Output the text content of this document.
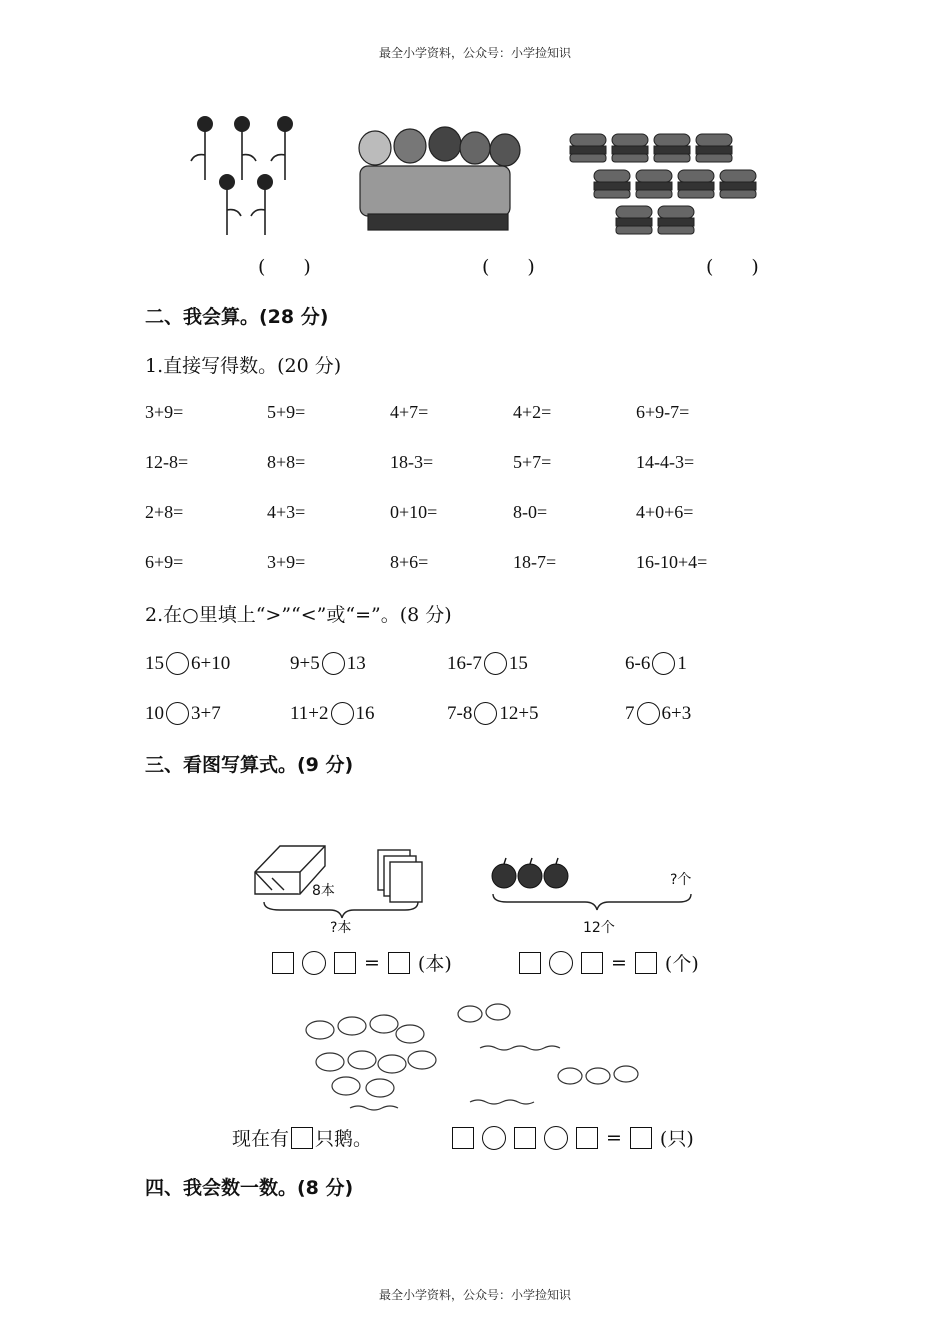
最全小学资料，公众号：小学捡知识
(　　)	(　　)	(　　)
二、我会算。(28 分)
1.直接写得数。(20 分)
3+9=	5+9=	4+7=	4+2=	6+9-7=
12-8=	8+8=	18-3=	5+7=	14-4-3=
2+8=	4+3=	0+10=	8-0=	4+0+6=
6+9=	3+9=	8+6=	18-7=	16-10+4=
2.在○里填上“>”“<”或“=”。(8 分)
15 6+10	9+5 13	16-7 15	6-6 1
10 3+7	11+2 16	7-8 12+5	7 6+3
三、看图写算式。(9 分)
8本
?本
?个
12个
= (本)	= (个)
现在有 只鹅。	= (只)
四、我会数一数。(8 分)
最全小学资料，公众号：小学捡知识
